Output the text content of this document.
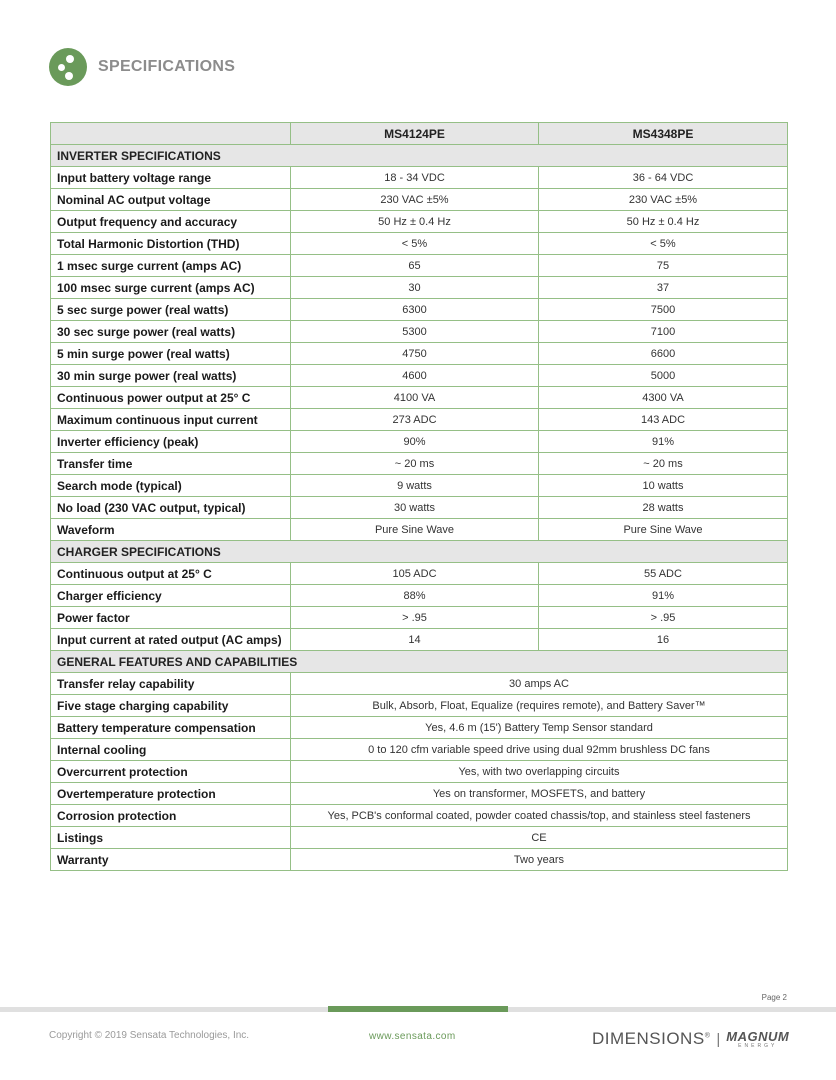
SPECIFICATIONS
	MS4124PE	MS4348PE
INVERTER SPECIFICATIONS		
Input battery voltage range	18 - 34 VDC	36 - 64 VDC
Nominal AC output voltage	230 VAC ±5%	230 VAC ±5%
Output frequency and accuracy	50 Hz ± 0.4 Hz	50 Hz ± 0.4 Hz
Total Harmonic Distortion (THD)	< 5%	< 5%
1 msec surge current (amps AC)	65	75
100 msec surge current (amps AC)	30	37
5 sec surge power (real watts)	6300	7500
30 sec surge power (real watts)	5300	7100
5 min surge power (real watts)	4750	6600
30 min surge power (real watts)	4600	5000
Continuous power output at 25° C	4100 VA	4300 VA
Maximum continuous input current	273 ADC	143 ADC
Inverter efficiency (peak)	90%	91%
Transfer time	~ 20 ms	~ 20 ms
Search mode (typical)	9 watts	10 watts
No load (230 VAC output, typical)	30 watts	28 watts
Waveform	Pure Sine Wave	Pure Sine Wave
CHARGER SPECIFICATIONS		
Continuous output at 25° C	105 ADC	55 ADC
Charger efficiency	88%	91%
Power factor	> .95	> .95
Input current at rated output (AC amps)	14	16
GENERAL FEATURES AND CAPABILITIES		
Transfer relay capability	30 amps AC	
Five stage charging capability	Bulk, Absorb, Float, Equalize (requires remote), and Battery Saver™	
Battery temperature compensation	Yes, 4.6 m (15') Battery Temp Sensor standard	
Internal cooling	0 to 120 cfm variable speed drive using dual 92mm brushless DC fans	
Overcurrent protection	Yes, with two overlapping circuits	
Overtemperature protection	Yes on transformer, MOSFETS, and battery	
Corrosion protection	Yes, PCB's conformal coated, powder coated chassis/top, and stainless steel fasteners	
Listings	CE	
Warranty	Two years	
Page 2
Copyright © 2019 Sensata Technologies, Inc.	www.sensata.com	DIMENSIONS® | MAGNUM
ENERGY
